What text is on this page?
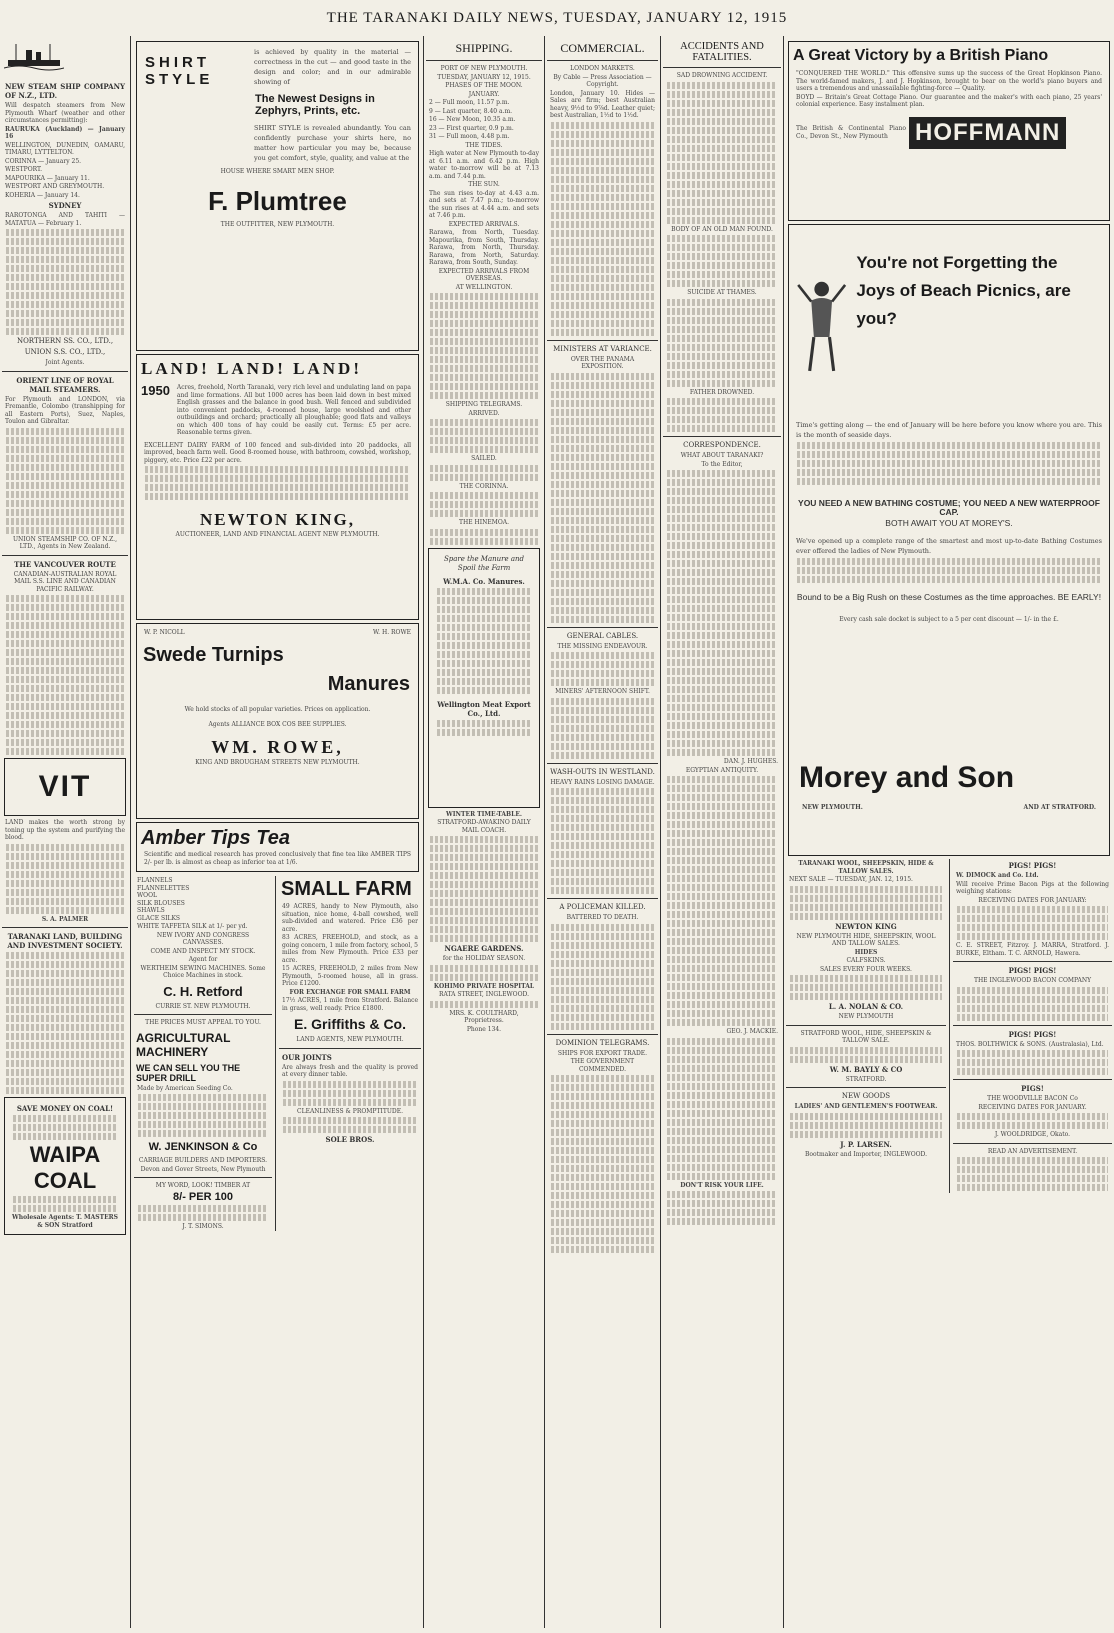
THE TARANAKI DAILY NEWS, TUESDAY, JANUARY 12, 1915
NEW STEAM SHIP COMPANY OF N.Z., LTD.
Will despatch steamers from New Plymouth Wharf (weather and other circumstances permitting):
RAURUKA (Auckland) — January 16
WELLINGTON, DUNEDIN, OAMARU, TIMARU, LYTTELTON.
CORINNA — January 25.
WESTPORT.
MAPOURIKA — January 11.
WESTPORT AND GREYMOUTH.
KOHERIA — January 14.
SYDNEY
RAROTONGA AND TAHITI — MATATUA — February 1.
NORTHERN SS. CO., LTD.,
UNION S.S. CO., LTD.,
Joint Agents.
ORIENT LINE OF ROYAL MAIL STEAMERS.
For Plymouth and LONDON, via Fremantle, Colombo (transhipping for all Eastern Ports), Suez, Naples, Toulon and Gibraltar.
UNION STEAMSHIP CO. OF N.Z., LTD., Agents in New Zealand.
THE VANCOUVER ROUTE
CANADIAN-AUSTRALIAN ROYAL MAIL S.S. LINE AND CANADIAN PACIFIC RAILWAY.
VIT
LAND makes the worth strong by toning up the system and purifying the blood.
S. A. PALMER
TARANAKI LAND, BUILDING AND INVESTMENT SOCIETY.
SAVE MONEY ON COAL!
WAIPA COAL
Wholesale Agents: T. MASTERS & SON Stratford
SHIRT STYLE
is achieved by quality in the material — correctness in the cut — and good taste in the design and color; and in our admirable showing of
The Newest Designs in Zephyrs, Prints, etc.
SHIRT STYLE is revealed abundantly. You can confidently purchase your shirts here, no matter how particular you may be, because you get comfort, style, quality, and value at the
HOUSE WHERE SMART MEN SHOP.
F. Plumtree
THE OUTFITTER, NEW PLYMOUTH.
LAND! LAND! LAND!
1950 Acres, freehold, North Taranaki, very rich level and undulating land on papa and lime formations. All but 1000 acres has been laid down in best mixed English grasses and the balance in good bush. Well fenced and subdivided into convenient paddocks, 4-roomed house, large woolshed and other outbuildings and orchard; practically all ploughable; good flats and valleys on which 400 tons of hay could be easily cut. Terms: £5 per acre. Reasonable terms given.
EXCELLENT DAIRY FARM of 100 fenced and sub-divided into 20 paddocks, all improved, beach farm well. Good 8-roomed house, with bathroom, cowshed, workshop, piggery, etc. Price £22 per acre.
NEWTON KING,
AUCTIONEER, LAND AND FINANCIAL AGENT NEW PLYMOUTH.
W. P. NICOLL	W. H. ROWE
Swede Turnips
Manures
We hold stocks of all popular varieties. Prices on application.
Agents ALLIANCE BOX COS BEE SUPPLIES.
WM. ROWE,
KING AND BROUGHAM STREETS NEW PLYMOUTH.
Amber Tips Tea
Scientific and medical research has proved conclusively that fine tea like AMBER TIPS 2/- per lb. is almost as cheap as inferior tea at 1/6.
FLANNELS
FLANNELETTES
WOOL
SILK BLOUSES
SHAWLS
GLACE SILKS
WHITE TAFFETA SILK at 1/- per yd.
NEW IVORY AND CONGRESS CANVASSES.
COME AND INSPECT MY STOCK.
Agent for
WERTHEIM SEWING MACHINES. Some Choice Machines in stock.
C. H. Retford
CURRIE ST. NEW PLYMOUTH.
THE PRICES MUST APPEAL TO YOU.
AGRICULTURAL MACHINERY
WE CAN SELL YOU THE SUPER DRILL
Made by American Seeding Co.
W. JENKINSON & Co
CARRIAGE BUILDERS AND IMPORTERS.
Devon and Gover Streets, New Plymouth
MY WORD, LOOK! TIMBER AT
8/- PER 100
J. T. SIMONS.
SMALL FARM
49 ACRES, handy to New Plymouth, also situation, nice home, 4-ball cowshed, well sub-divided and watered. Price £36 per acre.
83 ACRES, FREEHOLD, and stock, as a going concern, 1 mile from factory, school, 5 miles from New Plymouth. Price £33 per acre.
15 ACRES, FREEHOLD, 2 miles from New Plymouth, 5-roomed house, all in grass. Price £1200.
FOR EXCHANGE FOR SMALL FARM
17½ ACRES, 1 mile from Stratford. Balance in grass, well ready. Price £1800.
E. Griffiths & Co.
LAND AGENTS, NEW PLYMOUTH.
OUR JOINTS
Are always fresh and the quality is proved at every dinner table.
CLEANLINESS & PROMPTITUDE.
SOLE BROS.
SHIPPING.
PORT OF NEW PLYMOUTH.
TUESDAY, JANUARY 12, 1915.
PHASES OF THE MOON.
JANUARY.
2 — Full moon, 11.57 p.m.
9 — Last quarter, 8.40 a.m.
16 — New Moon, 10.35 a.m.
23 — First quarter, 0.9 p.m.
31 — Full moon, 4.48 p.m.
THE TIDES.
High water at New Plymouth to-day at 6.11 a.m. and 6.42 p.m. High water to-morrow will be at 7.13 a.m. and 7.44 p.m.
THE SUN.
The sun rises to-day at 4.43 a.m. and sets at 7.47 p.m.; to-morrow the sun rises at 4.44 a.m. and sets at 7.46 p.m.
EXPECTED ARRIVALS.
Rarawa, from North, Tuesday. Mapourika, from South, Thursday. Rarawa, from North, Thursday. Rarawa, from North, Saturday. Rarawa, from South, Sunday.
EXPECTED ARRIVALS FROM OVERSEAS.
AT WELLINGTON.
SHIPPING TELEGRAMS.
ARRIVED.
SAILED.
THE CORINNA.
THE HINEMOA.
Spare the Manure and Spoil the Farm
W.M.A. Co. Manures.
Wellington Meat Export Co., Ltd.
WINTER TIME-TABLE.
STRATFORD-AWAKINO DAILY MAIL COACH.
NGAERE GARDENS.
for the HOLIDAY SEASON.
KOHIMO PRIVATE HOSPITAL
RATA STREET, INGLEWOOD.
MRS. K. COULTHARD, Proprietress.
Phone 134.
COMMERCIAL.
LONDON MARKETS.
By Cable — Press Association — Copyright.
London, January 10. Hides — Sales are firm; best Australian heavy, 9½d to 9⅞d. Leather quiet; best Australian, 1½d to 1½d.
MINISTERS AT VARIANCE.
OVER THE PANAMA EXPOSITION.
GENERAL CABLES.
THE MISSING ENDEAVOUR.
MINERS' AFTERNOON SHIFT.
WASH-OUTS IN WESTLAND.
HEAVY RAINS LOSING DAMAGE.
A POLICEMAN KILLED.
BATTERED TO DEATH.
DOMINION TELEGRAMS.
SHIPS FOR EXPORT TRADE.
THE GOVERNMENT COMMENDED.
ACCIDENTS AND FATALITIES.
SAD DROWNING ACCIDENT.
BODY OF AN OLD MAN FOUND.
SUICIDE AT THAMES.
FATHER DROWNED.
CORRESPONDENCE.
WHAT ABOUT TARANAKI?
To the Editor,
DAN. J. HUGHES.
EGYPTIAN ANTIQUITY.
GEO. J. MACKIE.
DON'T RISK YOUR LIFE.
A Great Victory by a British Piano
"CONQUERED THE WORLD." This offensive sums up the success of the Great Hopkinson Piano. The world-famed makers, J. and J. Hopkinson, brought to bear on the world's piano buyers and users a tremendous and unassailable fighting-force — Quality.
BOYD — Britain's Great Cottage Piano. Our guarantee and the maker's with each piano, 25 years' colonial experience. Easy instalment plan.
The British & Continental Piano Co., Devon St., New Plymouth	HOFFMANN
You're not Forgetting the Joys of Beach Picnics, are you?
Time's getting along — the end of January will be here before you know where you are. This is the month of seaside days.
YOU NEED A NEW BATHING COSTUME; YOU NEED A NEW WATERPROOF CAP.
BOTH AWAIT YOU AT MOREY'S.
We've opened up a complete range of the smartest and most up-to-date Bathing Costumes ever offered the ladies of New Plymouth.
Bound to be a Big Rush on these Costumes as the time approaches. BE EARLY!
Every cash sale docket is subject to a 5 per cent discount — 1/- in the £.
Morey and Son
NEW PLYMOUTH.	AND AT STRATFORD.
TARANAKI WOOL, SHEEPSKIN, HIDE & TALLOW SALES.
NEXT SALE — TUESDAY, JAN. 12, 1915.
NEWTON KING
NEW PLYMOUTH HIDE, SHEEPSKIN, WOOL AND TALLOW SALES.
HIDES
CALFSKINS.
SALES EVERY FOUR WEEKS.
L. A. NOLAN & CO.
NEW PLYMOUTH
STRATFORD WOOL, HIDE, SHEEPSKIN & TALLOW SALE.
W. M. BAYLY & CO
STRATFORD.
NEW GOODS
LADIES' AND GENTLEMEN'S FOOTWEAR.
J. P. LARSEN.
Bootmaker and Importer, INGLEWOOD.
PIGS! PIGS!
W. DIMOCK and Co. Ltd.
Will receive Prime Bacon Pigs at the following weighing stations:
RECEIVING DATES FOR JANUARY:
C. E. STREET, Fitzroy. J. MARRA, Stratford. J. BURKE, Eltham. T. C. ARNOLD, Hawera.
PIGS! PIGS!
THE INGLEWOOD BACON COMPANY
PIGS! PIGS!
THOS. BOLTHWICK & SONS. (Australasia), Ltd.
PIGS!
THE WOODVILLE BACON Co
RECEIVING DATES FOR JANUARY.
J. WOOLDRIDGE, Okato.
READ AN ADVERTISEMENT.
